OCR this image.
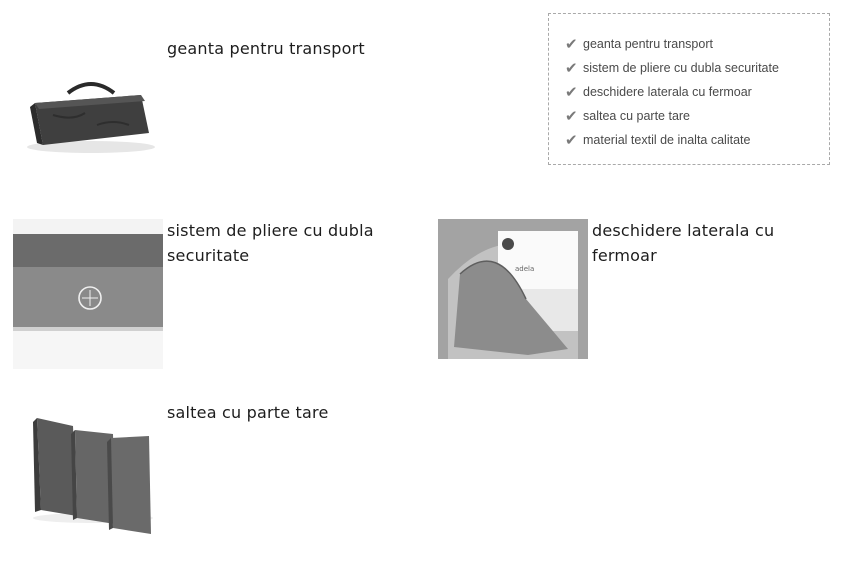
geanta pentru transport	✔ geanta pentru transport
✔ sistem de pliere cu dubla securitate
✔ deschidere laterala cu fermoar
✔ saltea cu parte tare
✔ material textil de inalta calitate
sistem de pliere cu dubla securitate
adela
deschidere laterala cu fermoar
saltea cu parte tare
